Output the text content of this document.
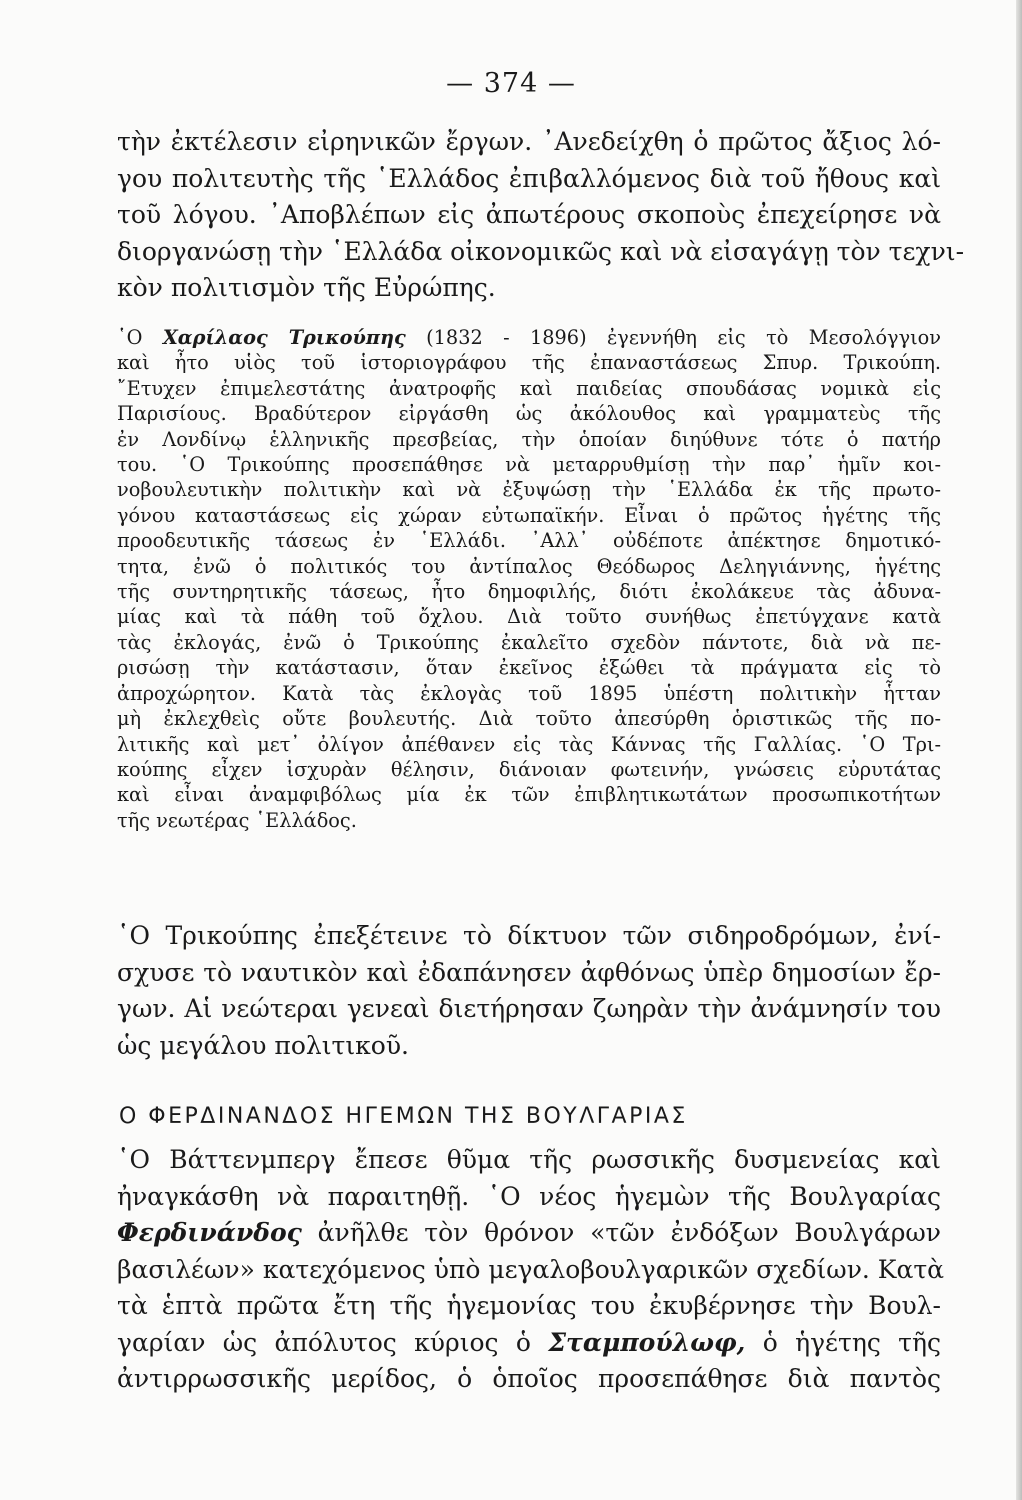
— 374 —
τὴν ἐκτέλεσιν εἰρηνικῶν ἔργων. ᾿Ανεδείχθη ὁ πρῶτος ἄξιος λό-
γου πολιτευτὴς τῆς ῾Ελλάδος ἐπιβαλλόμενος διὰ τοῦ ἤθους καὶ
τοῦ λόγου. ᾿Αποβλέπων εἰς ἀπωτέρους σκοποὺς ἐπεχείρησε νὰ
διοργανώσῃ τὴν ῾Ελλάδα οἰκονομικῶς καὶ νὰ εἰσαγάγῃ τὸν τεχνι-
κὸν πολιτισμὸν τῆς Εὐρώπης.
῾Ο Χαρίλαος Τρικούπης (1832 - 1896) ἐγεννήθη εἰς τὸ Μεσολόγγιον
καὶ ἦτο υἱὸς τοῦ ἱστοριογράφου τῆς ἐπαναστάσεως Σπυρ. Τρικούπη.
῎Ετυχεν ἐπιμελεστάτης ἀνατροφῆς καὶ παιδείας σπουδάσας νομικὰ εἰς
Παρισίους. Βραδύτερον εἰργάσθη ὡς ἀκόλουθος καὶ γραμματεὺς τῆς
ἐν Λονδίνῳ ἑλληνικῆς πρεσβείας, τὴν ὁποίαν διηύθυνε τότε ὁ πατήρ
του. ῾Ο Τρικούπης προσεπάθησε νὰ μεταρρυθμίσῃ τὴν παρ᾿ ἡμῖν κοι-
νοβουλευτικὴν πολιτικὴν καὶ νὰ ἐξυψώσῃ τὴν ῾Ελλάδα ἐκ τῆς πρωτο-
γόνου καταστάσεως εἰς χώραν εὐτωπαϊκήν. Εἶναι ὁ πρῶτος ἡγέτης τῆς
προοδευτικῆς τάσεως ἐν ῾Ελλάδι. ᾿Αλλ᾿ οὐδέποτε ἀπέκτησε δημοτικό-
τητα, ἐνῶ ὁ πολιτικός του ἀντίπαλος Θεόδωρος Δεληγιάννης, ἡγέτης
τῆς συντηρητικῆς τάσεως, ἦτο δημοφιλής, διότι ἐκολάκευε τὰς ἀδυνα-
μίας καὶ τὰ πάθη τοῦ ὄχλου. Διὰ τοῦτο συνήθως ἐπετύγχανε κατὰ
τὰς ἐκλογάς, ἐνῶ ὁ Τρικούπης ἐκαλεῖτο σχεδὸν πάντοτε, διὰ νὰ πε-
ρισώσῃ τὴν κατάστασιν, ὅταν ἐκεῖνος ἐξώθει τὰ πράγματα εἰς τὸ
ἀπροχώρητον. Κατὰ τὰς ἐκλογὰς τοῦ 1895 ὑπέστη πολιτικὴν ἧτταν
μὴ ἐκλεχθεὶς οὔτε βουλευτής. Διὰ τοῦτο ἀπεσύρθη ὁριστικῶς τῆς πο-
λιτικῆς καὶ μετ᾿ ὀλίγον ἀπέθανεν εἰς τὰς Κάννας τῆς Γαλλίας. ῾Ο Τρι-
κούπης εἶχεν ἰσχυρὰν θέλησιν, διάνοιαν φωτεινήν, γνώσεις εὐρυτάτας
καὶ εἶναι ἀναμφιβόλως μία ἐκ τῶν ἐπιβλητικωτάτων προσωπικοτήτων
τῆς νεωτέρας ῾Ελλάδος.
῾Ο Τρικούπης ἐπεξέτεινε τὸ δίκτυον τῶν σιδηροδρόμων, ἐνί-
σχυσε τὸ ναυτικὸν καὶ ἐδαπάνησεν ἀφθόνως ὑπὲρ δημοσίων ἔρ-
γων. Αἱ νεώτεραι γενεαὶ διετήρησαν ζωηρὰν τὴν ἀνάμνησίν του
ὡς μεγάλου πολιτικοῦ.
Ο ΦΕΡΔΙΝΑΝΔΟΣ ΗΓΕΜΩΝ ΤΗΣ ΒΟΥΛΓΑΡΙΑΣ
῾Ο Βάττενμπεργ ἔπεσε θῦμα τῆς ρωσσικῆς δυσμενείας καὶ
ἠναγκάσθη νὰ παραιτηθῇ. ῾Ο νέος ἡγεμὼν τῆς Βουλγαρίας
Φερδινάνδος ἀνῆλθε τὸν θρόνον «τῶν ἐνδόξων Βουλγάρων
βασιλέων» κατεχόμενος ὑπὸ μεγαλοβουλγαρικῶν σχεδίων. Κατὰ
τὰ ἑπτὰ πρῶτα ἔτη τῆς ἡγεμονίας του ἐκυβέρνησε τὴν Βουλ-
γαρίαν ὡς ἀπόλυτος κύριος ὁ Σταμπούλωφ, ὁ ἡγέτης τῆς
ἀντιρρωσσικῆς μερίδος, ὁ ὁποῖος προσεπάθησε διὰ παντὸς
